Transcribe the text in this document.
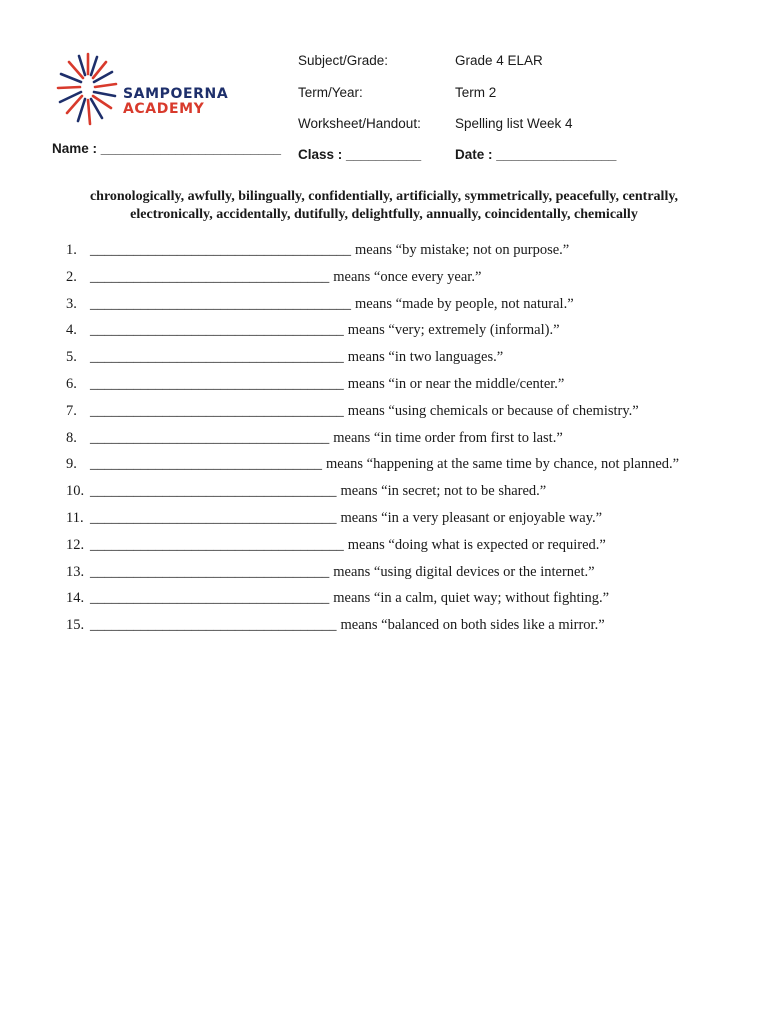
SAMPOERNA
ACADEMY
Subject/Grade:	Grade 4 ELAR
Term/Year:	Term 2
Worksheet/Handout:	Spelling list Week 4
Name : ________________________ Class : __________	Date : ________________
chronologically, awfully, bilingually, confidentially, artificially, symmetrically, peacefully, centrally,
electronically, accidentally, dutifully, delightfully, annually, coincidentally, chemically
1. ____________________________________ means “by mistake; not on purpose.”
2. _________________________________ means “once every year.”
3. ____________________________________ means “made by people, not natural.”
4. ___________________________________ means “very; extremely (informal).”
5. ___________________________________ means “in two languages.”
6. ___________________________________ means “in or near the middle/center.”
7. ___________________________________ means “using chemicals or because of chemistry.”
8. _________________________________ means “in time order from first to last.”
9. ________________________________ means “happening at the same time by chance, not planned.”
10. __________________________________ means “in secret; not to be shared.”
11. __________________________________ means “in a very pleasant or enjoyable way.”
12. ___________________________________ means “doing what is expected or required.”
13. _________________________________ means “using digital devices or the internet.”
14. _________________________________ means “in a calm, quiet way; without fighting.”
15. __________________________________ means “balanced on both sides like a mirror.”
